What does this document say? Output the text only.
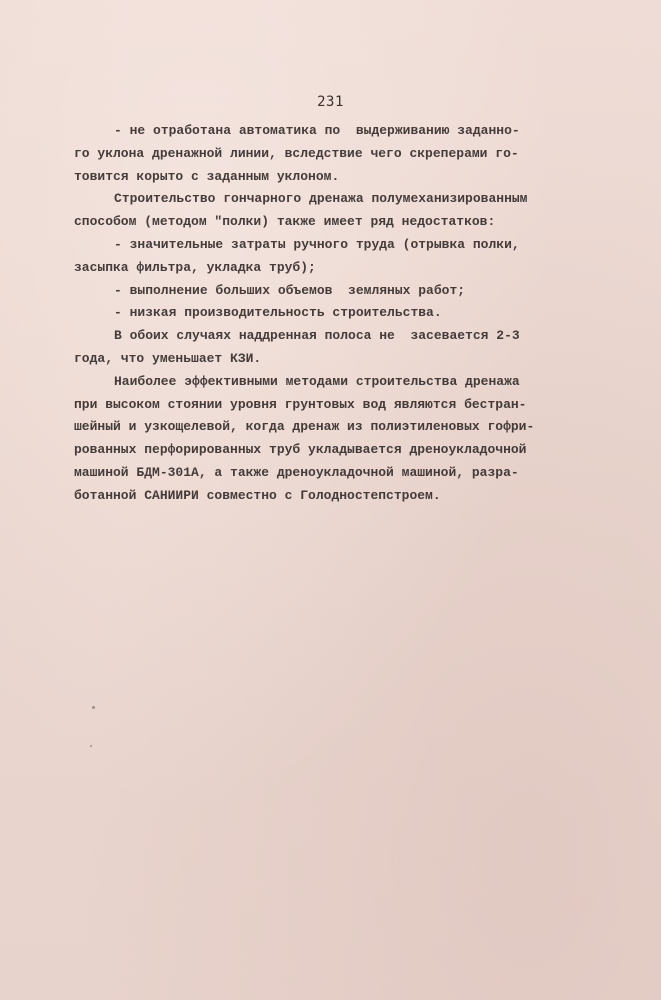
231
- не отработана автоматика по  выдерживанию заданно-
го уклона дренажной линии, вследствие чего скреперами го-
товится корыто с заданным уклоном.
Строительство гончарного дренажа полумеханизированным
способом (методом "полки) также имеет ряд недостатков:
- значительные затраты ручного труда (отрывка полки,
засыпка фильтра, укладка труб);
- выполнение больших объемов  земляных работ;
- низкая производительность строительства.
В обоих случаях наддренная полоса не  засевается 2-3
года, что уменьшает КЗИ.
Наиболее эффективными методами строительства дренажа
при высоком стоянии уровня грунтовых вод являются бестран-
шейный и узкощелевой, когда дренаж из полиэтиленовых гофри-
рованных перфорированных труб укладывается дреноукладочной
машиной БДМ-301А, а также дреноукладочной машиной, разра-
ботанной САНИИРИ совместно с Голодностепстроем.
